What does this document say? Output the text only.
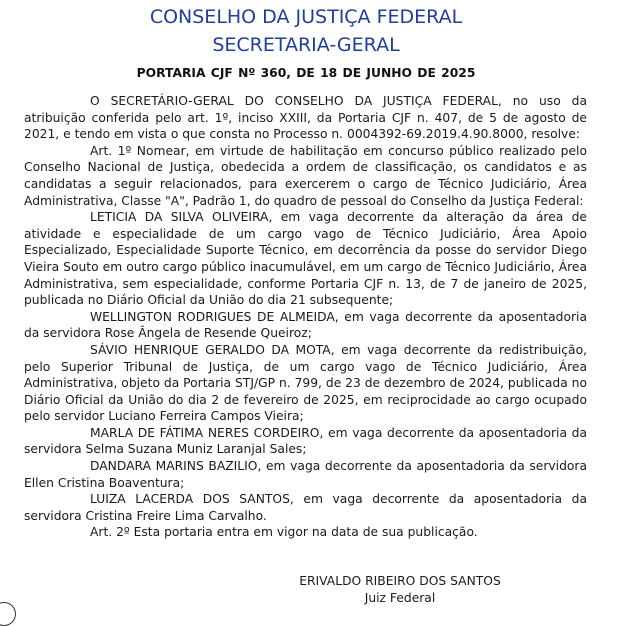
CONSELHO DA JUSTIÇA FEDERAL
SECRETARIA-GERAL
PORTARIA CJF Nº 360, DE 18 DE JUNHO DE 2025

O SECRETÁRIO-GERAL DO CONSELHO DA JUSTIÇA FEDERAL, no uso da atribuição conferida pelo art. 1º, inciso XXIII, da Portaria CJF n. 407, de 5 de agosto de 2021, e tendo em vista o que consta no Processo n. 0004392-69.2019.4.90.8000, resolve:

Art. 1º Nomear, em virtude de habilitação em concurso público realizado pelo Conselho Nacional de Justiça, obedecida a ordem de classificação, os candidatos e as candidatas a seguir relacionados, para exercerem o cargo de Técnico Judiciário, Área Administrativa, Classe "A", Padrão 1, do quadro de pessoal do Conselho da Justiça Federal:

LETICIA DA SILVA OLIVEIRA, em vaga decorrente da alteração da área de atividade e especialidade de um cargo vago de Técnico Judiciário, Área Apoio Especializado, Especialidade Suporte Técnico, em decorrência da posse do servidor Diego Vieira Souto em outro cargo público inacumulável, em um cargo de Técnico Judiciário, Área Administrativa, sem especialidade, conforme Portaria CJF n. 13, de 7 de janeiro de 2025, publicada no Diário Oficial da União do dia 21 subsequente;

WELLINGTON RODRIGUES DE ALMEIDA, em vaga decorrente da aposentadoria da servidora Rose Ângela de Resende Queiroz;

SÁVIO HENRIQUE GERALDO DA MOTA, em vaga decorrente da redistribuição, pelo Superior Tribunal de Justiça, de um cargo vago de Técnico Judiciário, Área Administrativa, objeto da Portaria STJ/GP n. 799, de 23 de dezembro de 2024, publicada no Diário Oficial da União do dia 2 de fevereiro de 2025, em reciprocidade ao cargo ocupado pelo servidor Luciano Ferreira Campos Vieira;

MARLA DE FÁTIMA NERES CORDEIRO, em vaga decorrente da aposentadoria da servidora Selma Suzana Muniz Laranjal Sales;

DANDARA MARINS BAZILIO, em vaga decorrente da aposentadoria da servidora Ellen Cristina Boaventura;

LUIZA LACERDA DOS SANTOS, em vaga decorrente da aposentadoria da servidora Cristina Freire Lima Carvalho.

Art. 2º Esta portaria entra em vigor na data de sua publicação.

ERIVALDO RIBEIRO DOS SANTOS
Juiz Federal
